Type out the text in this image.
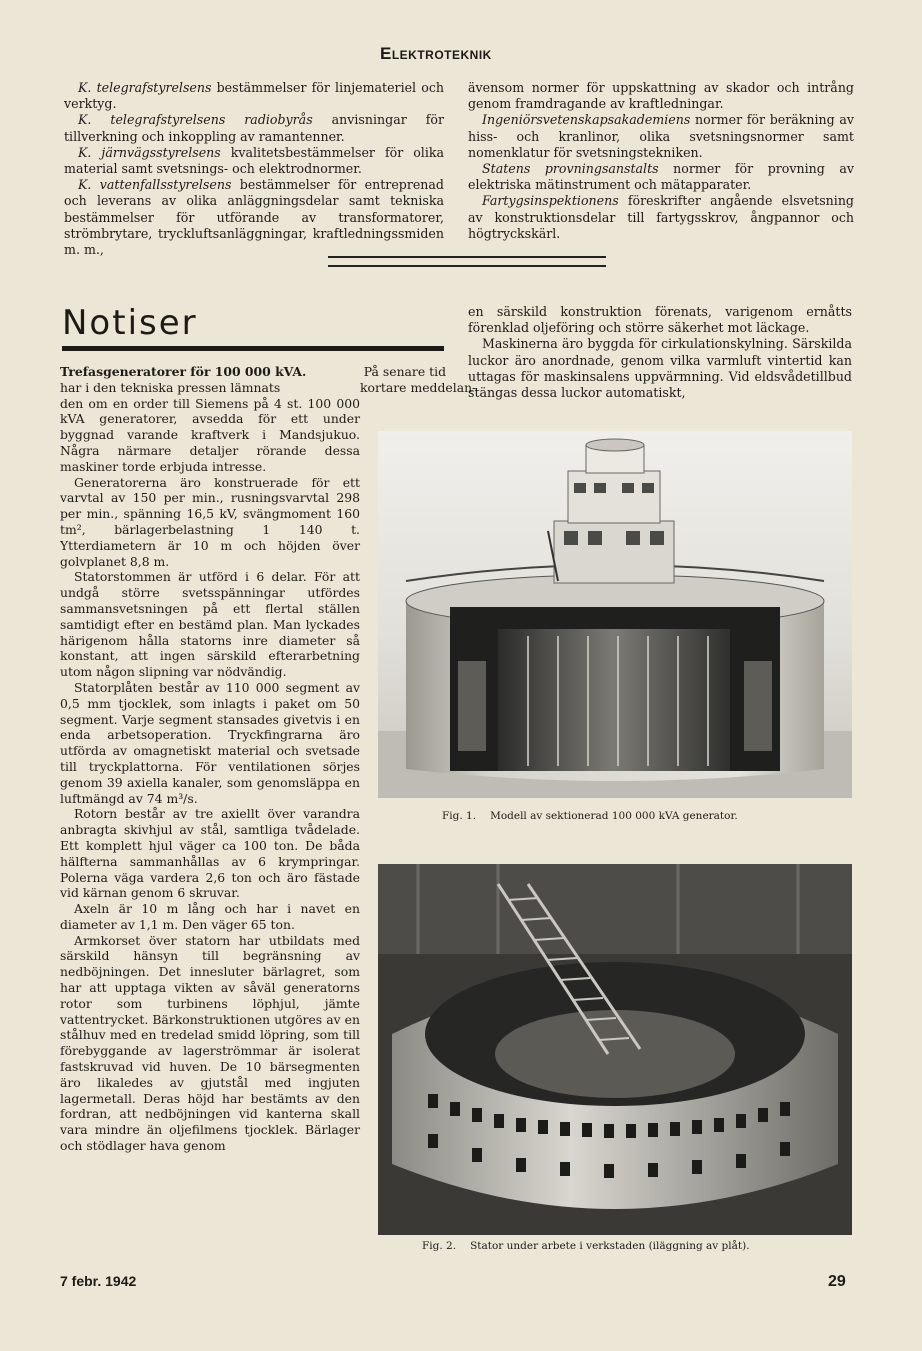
Elektroteknik

K. telegrafstyrelsens bestämmelser för linjemateriel och verktyg.

K. telegrafstyrelsens radiobyrås anvisningar för tillverkning och inkoppling av ramantenner.

K. järnvägsstyrelsens kvalitetsbestämmelser för olika material samt svetsnings- och elektrodnormer.

K. vattenfallsstyrelsens bestämmelser för entreprenad och leverans av olika anläggningsdelar samt tekniska bestämmelser för utförande av transformatorer, strömbrytare, tryckluftsanläggningar, kraftledningssmiden m. m.,

ävensom normer för uppskattning av skador och intrång genom framdragande av kraftledningar.

Ingeniörsvetenskapsakademiens normer för beräkning av hiss- och kranlinor, olika svetsningsnormer samt nomenklatur för svetsningstekniken.

Statens provningsanstalts normer för provning av elektriska mätinstrument och mätapparater.

Fartygsinspektionens föreskrifter angående elsvetsning av konstruktionsdelar till fartygsskrov, ångpannor och högtryckskärl.

Notiser

Trefasgeneratorer för 100 000 kVA.

har i den tekniska pressen lämnats

den om en order till Siemens på 4 st. 100 000 kVA generatorer, avsedda för ett under byggnad varande kraftverk i Mandsjukuo. Några närmare detaljer rörande dessa maskiner torde erbjuda intresse.

Generatorerna äro konstruerade för ett varvtal av 150 per min., rusningsvarvtal 298 per min., spänning 16,5 kV, svängmoment 160 tm², bärlagerbelastning 1 140 t. Ytterdiametern är 10 m och höjden över golvplanet 8,8 m.

Statorstommen är utförd i 6 delar. För att undgå större svetsspänningar utfördes sammansvetsningen på ett flertal ställen samtidigt efter en bestämd plan. Man lyckades härigenom hålla statorns inre diameter så konstant, att ingen särskild efterarbetning utom någon slipning var nödvändig.

Statorplåten består av 110 000 segment av 0,5 mm tjocklek, som inlagts i paket om 50 segment. Varje segment stansades givetvis i en enda arbetsoperation. Tryckfingrarna äro utförda av omagnetiskt material och svetsade till tryckplattorna. För ventilationen sörjes genom 39 axiella kanaler, som genomsläppa en luftmängd av 74 m³/s.

Rotorn består av tre axiellt över varandra anbragta skivhjul av stål, samtliga tvådelade. Ett komplett hjul väger ca 100 ton. De båda hälfterna sammanhållas av 6 krympringar. Polerna väga vardera 2,6 ton och äro fästade vid kärnan genom 6 skruvar.

Axeln är 10 m lång och har i navet en diameter av 1,1 m. Den väger 65 ton.

Armkorset över statorn har utbildats med särskild hänsyn till begränsning av nedböjningen. Det innesluter bärlagret, som har att upptaga vikten av såväl generatorns rotor som turbinens löphjul, jämte vattentrycket. Bärkonstruktionen utgöres av en stålhuv med en tredelad smidd löpring, som till förebyggande av lagerströmmar är isolerat fastskruvad vid huven. De 10 bärsegmenten äro likaledes av gjutstål med ingjuten lagermetall. Deras höjd har bestämts av den fordran, att nedböjningen vid kanterna skall vara mindre än oljefilmens tjocklek. Bärlager och stödlager hava genom

På senare tid
kortare meddelan-

en särskild konstruktion förenats, varigenom ernåtts förenklad oljeföring och större säkerhet mot läckage.

Maskinerna äro byggda för cirkulationskylning. Särskilda luckor äro anordnade, genom vilka varmluft vintertid kan uttagas för maskinsalens uppvärmning. Vid eldsvådetillbud stängas dessa luckor automatiskt,

Fig. 1. Modell av sektionerad 100 000 kVA generator.
Fig. 2. Stator under arbete i verkstaden (iläggning av plåt).
7 febr. 1942	29
